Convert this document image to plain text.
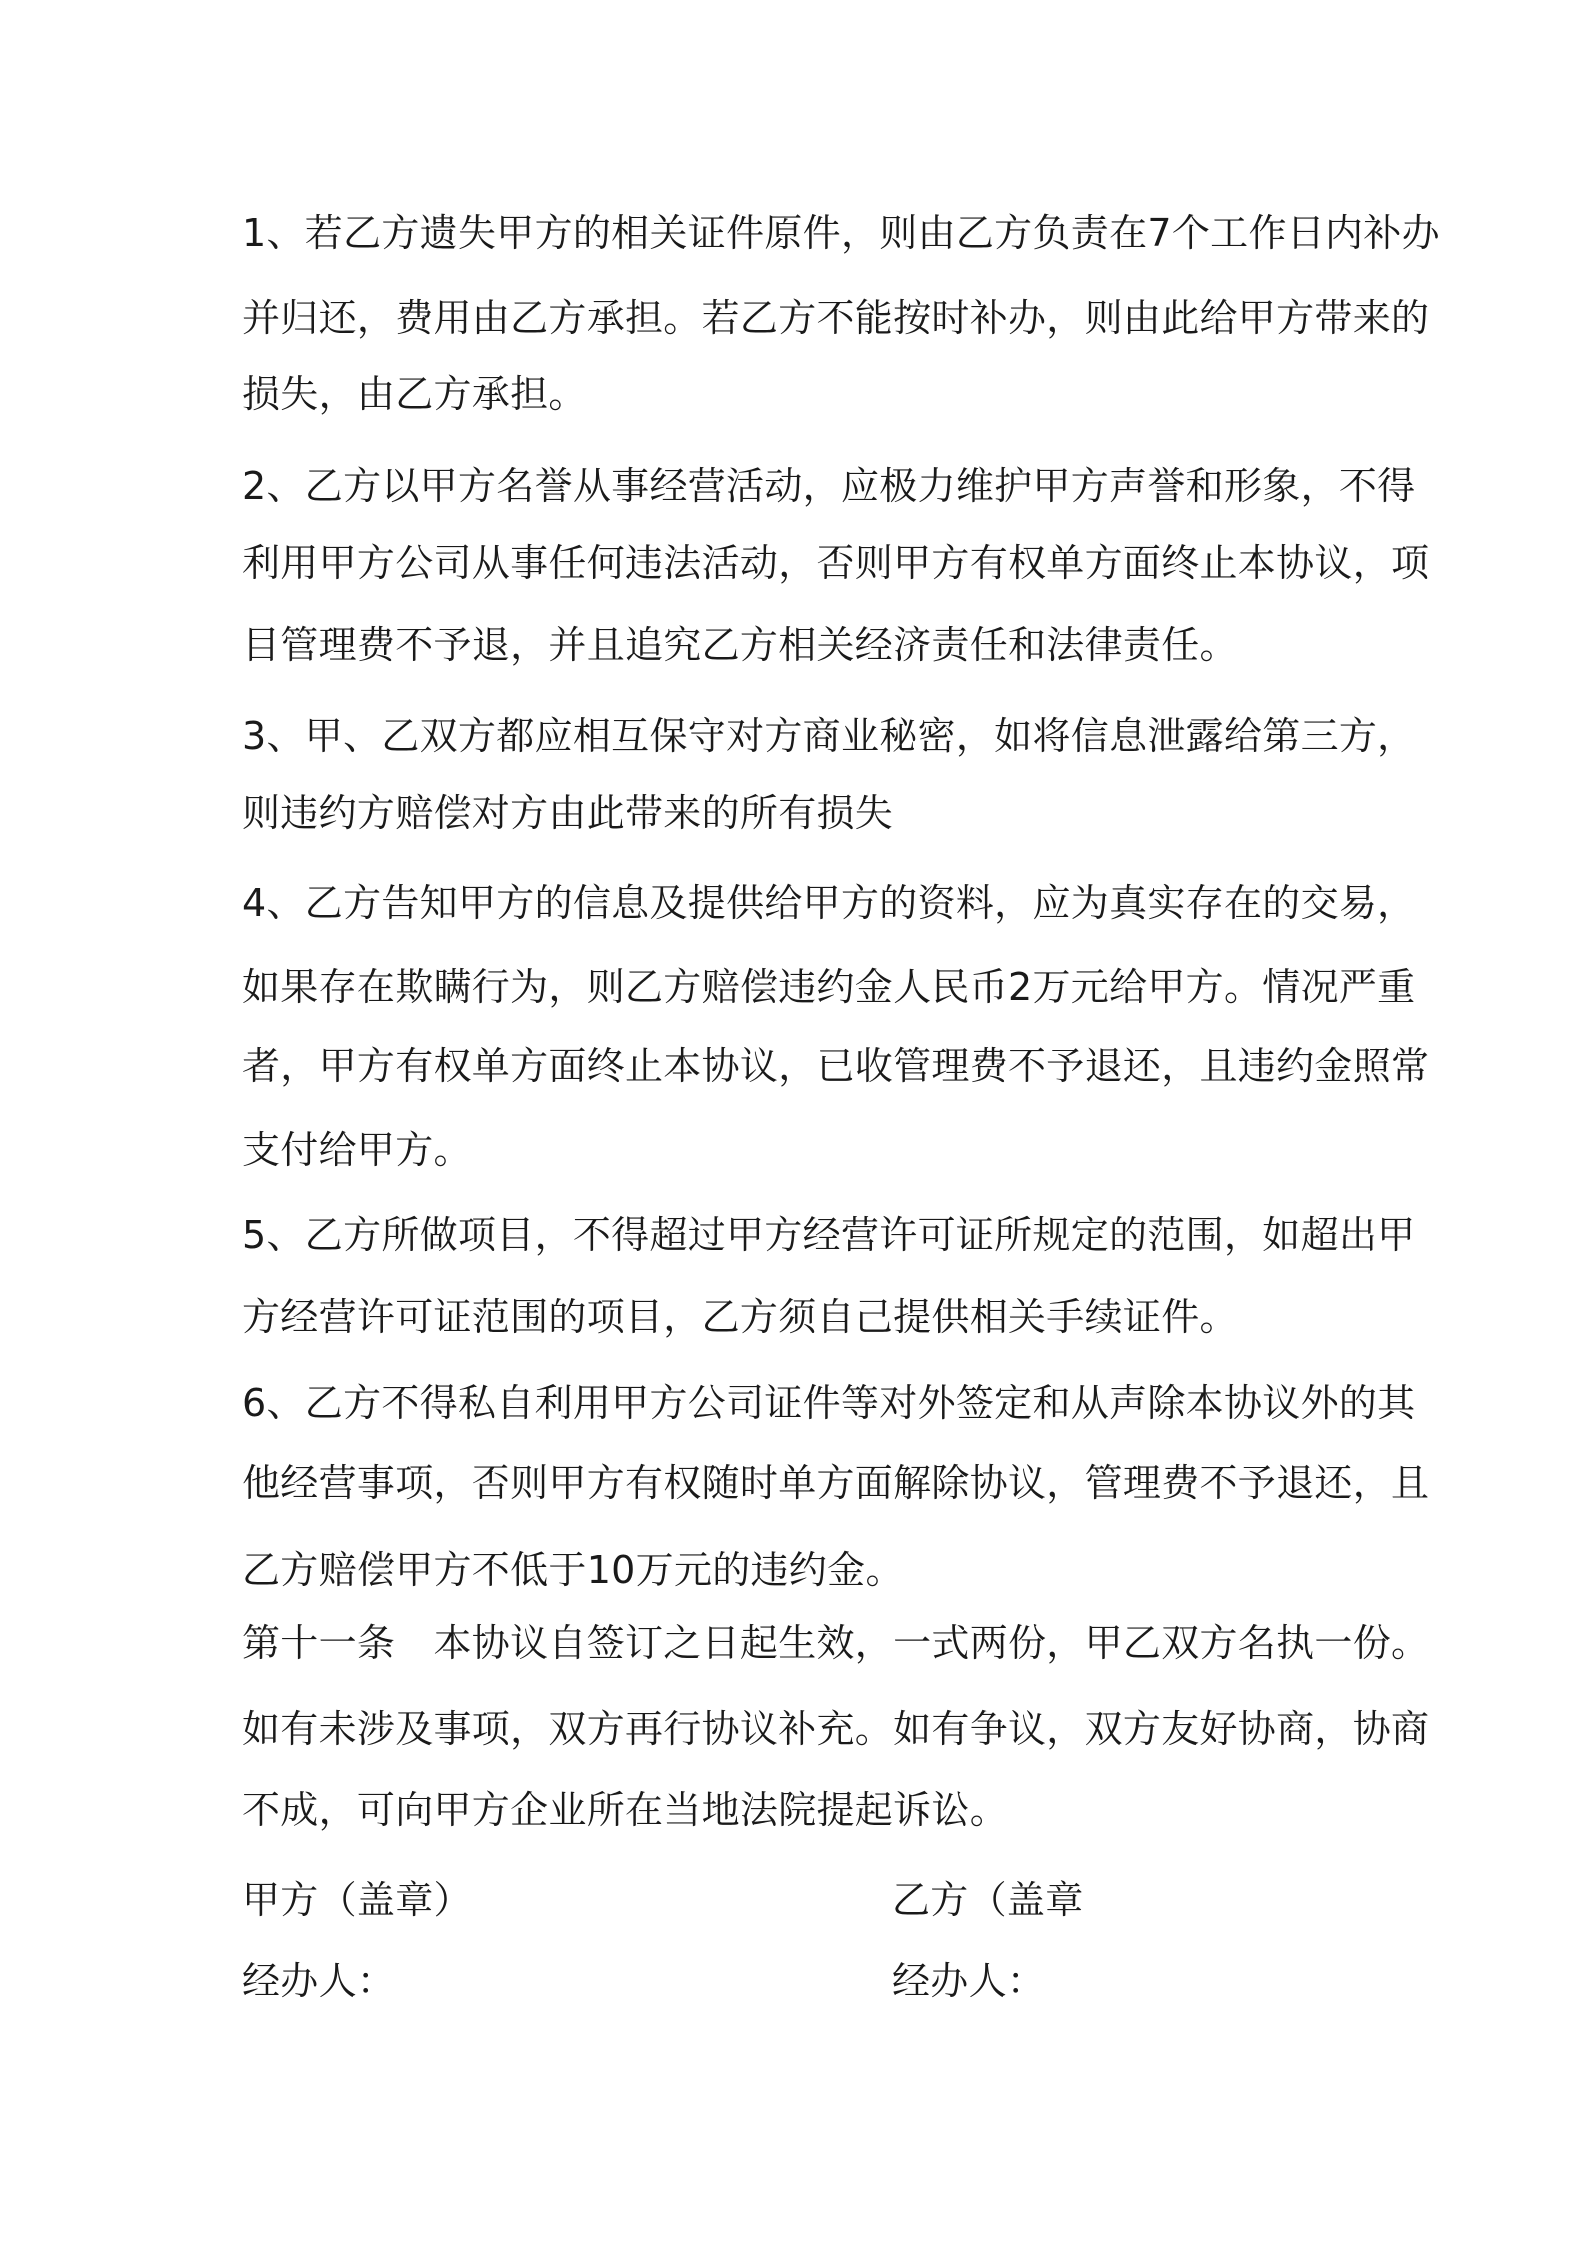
1、若乙方遗失甲方的相关证件原件，则由乙方负责在7个工作日内补办
并归还，费用由乙方承担。若乙方不能按时补办，则由此给甲方带来的
损失，由乙方承担。
2、乙方以甲方名誉从事经营活动，应极力维护甲方声誉和形象，不得
利用甲方公司从事任何违法活动，否则甲方有权单方面终止本协议，项
目管理费不予退，并且追究乙方相关经济责任和法律责任。
3、甲、乙双方都应相互保守对方商业秘密，如将信息泄露给第三方，
则违约方赔偿对方由此带来的所有损失
4、乙方告知甲方的信息及提供给甲方的资料，应为真实存在的交易，
如果存在欺瞒行为，则乙方赔偿违约金人民币2万元给甲方。情况严重
者，甲方有权单方面终止本协议，已收管理费不予退还，且违约金照常
支付给甲方。
5、乙方所做项目，不得超过甲方经营许可证所规定的范围，如超出甲
方经营许可证范围的项目，乙方须自己提供相关手续证件。
6、乙方不得私自利用甲方公司证件等对外签定和从声除本协议外的其
他经营事项，否则甲方有权随时单方面解除协议，管理费不予退还，且
乙方赔偿甲方不低于10万元的违约金。
第十一条　本协议自签订之日起生效，一式两份，甲乙双方名执一份。
如有未涉及事项，双方再行协议补充。如有争议，双方友好协商，协商
不成，可向甲方企业所在当地法院提起诉讼。
甲方（盖章）	乙方（盖章
经办人：	经办人：
